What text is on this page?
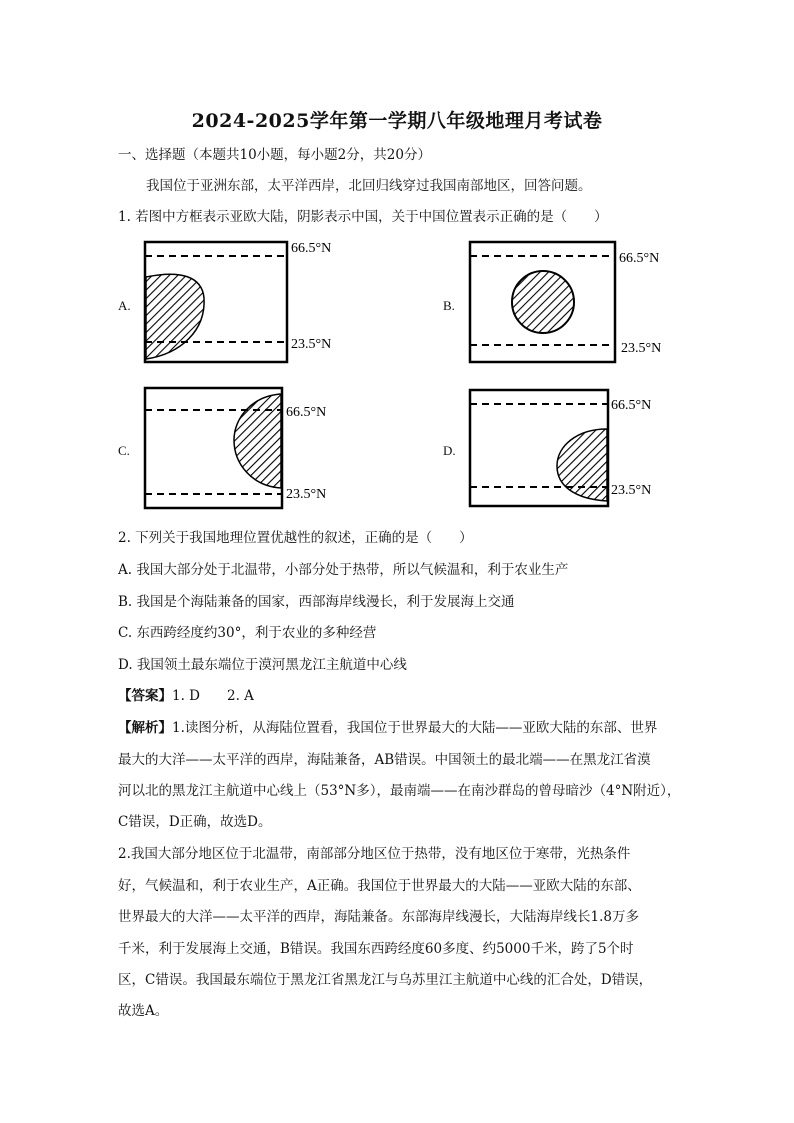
2024-2025学年第一学期八年级地理月考试卷
一、选择题（本题共10小题，每小题2分，共20分）
我国位于亚洲东部，太平洋西岸，北回归线穿过我国南部地区，回答问题。
1. 若图中方框表示亚欧大陆，阴影表示中国，关于中国位置表示正确的是（　　）
A.
66.5°N
23.5°N
B.
66.5°N
23.5°N
C.
66.5°N
23.5°N
D.
66.5°N
23.5°N
2. 下列关于我国地理位置优越性的叙述，正确的是（　　）
A. 我国大部分处于北温带，小部分处于热带，所以气候温和，利于农业生产
B. 我国是个海陆兼备的国家，西部海岸线漫长，利于发展海上交通
C. 东西跨经度约30°，利于农业的多种经营
D. 我国领土最东端位于漠河黑龙江主航道中心线
【答案】1. D　　2. A
【解析】1.读图分析，从海陆位置看，我国位于世界最大的大陆——亚欧大陆的东部、世界
最大的大洋——太平洋的西岸，海陆兼备，AB错误。中国领土的最北端——在黑龙江省漠
河以北的黑龙江主航道中心线上（53°N多），最南端——在南沙群岛的曾母暗沙（4°N附近），
C错误，D正确，故选D。
2.我国大部分地区位于北温带，南部部分地区位于热带，没有地区位于寒带，光热条件
好，气候温和，利于农业生产，A正确。我国位于世界最大的大陆——亚欧大陆的东部、
世界最大的大洋——太平洋的西岸，海陆兼备。东部海岸线漫长，大陆海岸线长1.8万多
千米，利于发展海上交通，B错误。我国东西跨经度60多度、约5000千米，跨了5个时
区，C错误。我国最东端位于黑龙江省黑龙江与乌苏里江主航道中心线的汇合处，D错误，
故选A。
